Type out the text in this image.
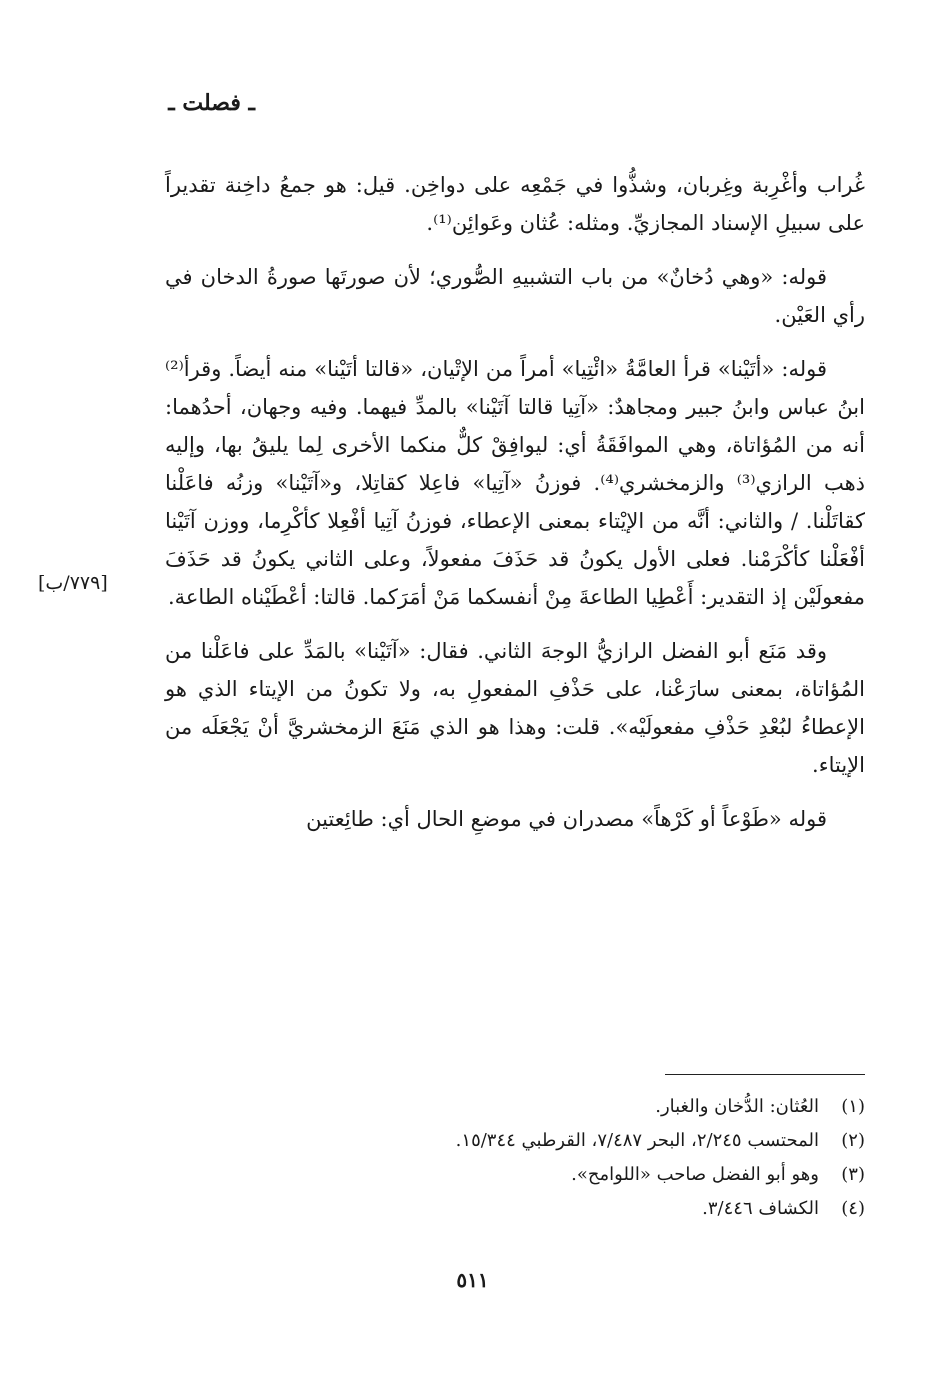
ـ فصلت ـ

غُراب وأغْرِبة وغِربان، وشذُّوا في جَمْعِه على دواخِن. قيل: هو جمعُ داخِنة تقديراً على سبيلِ الإسناد المجازيِّ. ومثله: عُثان وعَوائِن⁽¹⁾.

قوله: «وهي دُخانٌ» من باب التشبيهِ الصُّوري؛ لأن صورتَها صورةُ الدخان في رأي العَيْن.

قوله: «أتَيْنا» قرأ العامَّةُ «ائْتِيا» أمراً من الإتْيان، «قالتا أتَيْنا» منه أيضاً. وقرأ⁽²⁾ ابنُ عباس وابنُ جبير ومجاهدٌ: «آتِيا قالتا آتَيْنا» بالمدِّ فيهما. وفيه وجهان، أحدُهما: أنه من المُؤاتاة، وهي الموافَقَةُ أي: ليوافِقْ كلٌّ منكما الأخرى لِما يليقُ بها، وإليه ذهب الرازي⁽³⁾ والزمخشري⁽⁴⁾. فوزنُ «آتِيا» فاعِلا كقاتِلا، و«آتَيْنا» وزنُه فاعَلْنا كقاتَلْنا. / والثاني: أنَّه من الإيْتاء بمعنى الإعطاء، فوزنُ آتِيا أفْعِلا كأكْرِما، ووزن آتَيْنا أفْعَلْنا كأكْرَمْنا. فعلى الأول يكونُ قد حَذَفَ مفعولاً، وعلى الثاني يكونُ قد حَذَفَ مفعولَيْن إذ التقدير: أَعْطِيا الطاعةَ مِنْ أنفسكما مَنْ أمَرَكما. قالتا: أعْطَيْناه الطاعة.

وقد مَنَع أبو الفضل الرازيُّ الوجهَ الثاني. فقال: «آتَيْنا» بالمَدِّ على فاعَلْنا من المُؤاتاة، بمعنى سارَعْنا، على حَذْفِ المفعولِ به، ولا تكونُ من الإيتاء الذي هو الإعطاءُ لبُعْدِ حَذْفِ مفعولَيْه». قلت: وهذا هو الذي مَنَعَ الزمخشريَّ أنْ يَجْعَلَه من الإيتاء.

قوله «طَوْعاً أو كَرْهاً» مصدران في موضعِ الحال أي: طائِعتين

[٧٧٩/ب]
(١)
العُثان: الدُّخان والغبار.
(٢)
المحتسب ٢/٢٤٥، البحر ٧/٤٨٧، القرطبي ١٥/٣٤٤.
(٣)
وهو أبو الفضل صاحب «اللوامح».
(٤)
الكشاف ٣/٤٤٦.
٥١١
